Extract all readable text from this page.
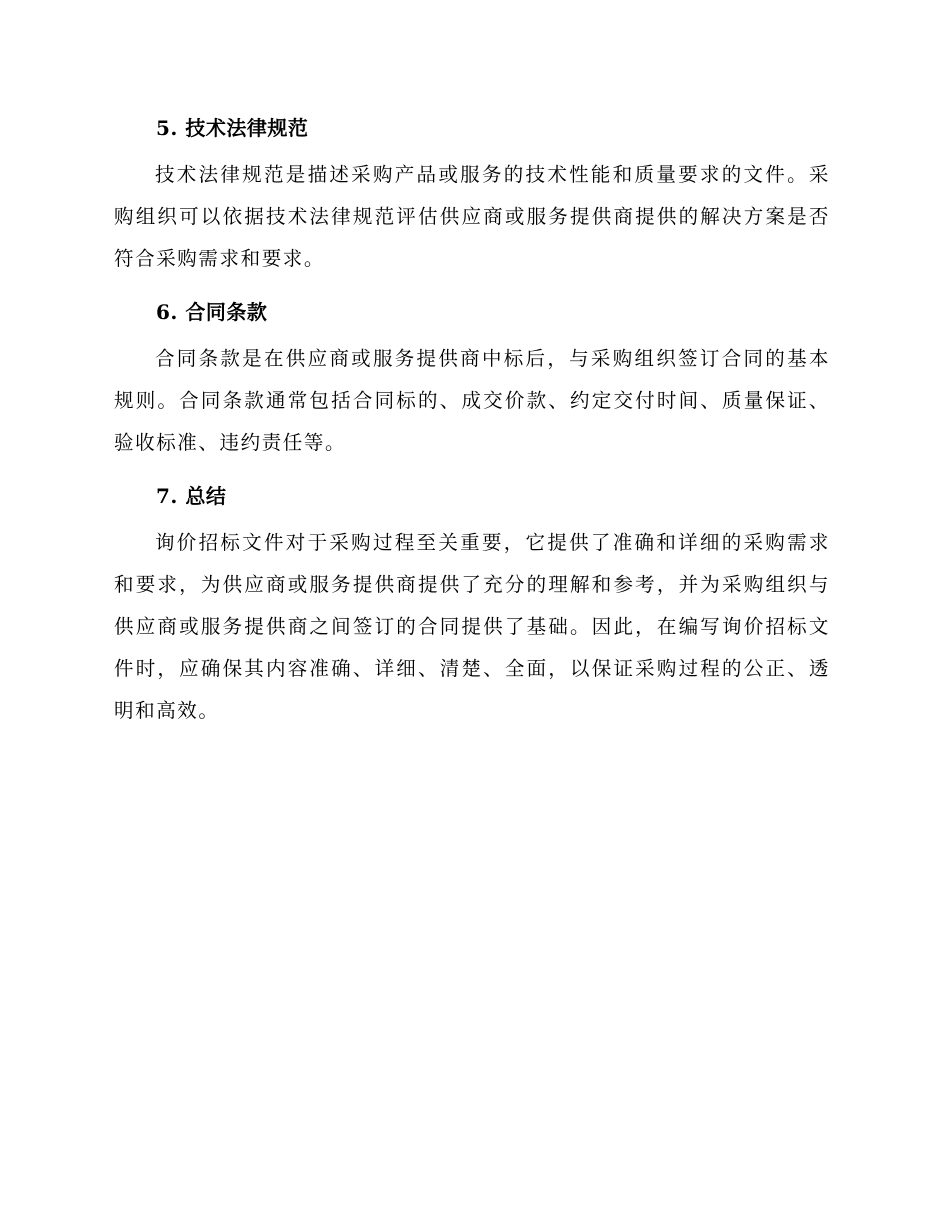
5. 技术法律规范

技术法律规范是描述采购产品或服务的技术性能和质量要求的文件。采购组织可以依据技术法律规范评估供应商或服务提供商提供的解决方案是否符合采购需求和要求。

6. 合同条款

合同条款是在供应商或服务提供商中标后，与采购组织签订合同的基本规则。合同条款通常包括合同标的、成交价款、约定交付时间、质量保证、验收标准、违约责任等。

7. 总结

询价招标文件对于采购过程至关重要，它提供了准确和详细的采购需求和要求，为供应商或服务提供商提供了充分的理解和参考，并为采购组织与供应商或服务提供商之间签订的合同提供了基础。因此，在编写询价招标文件时，应确保其内容准确、详细、清楚、全面，以保证采购过程的公正、透明和高效。
